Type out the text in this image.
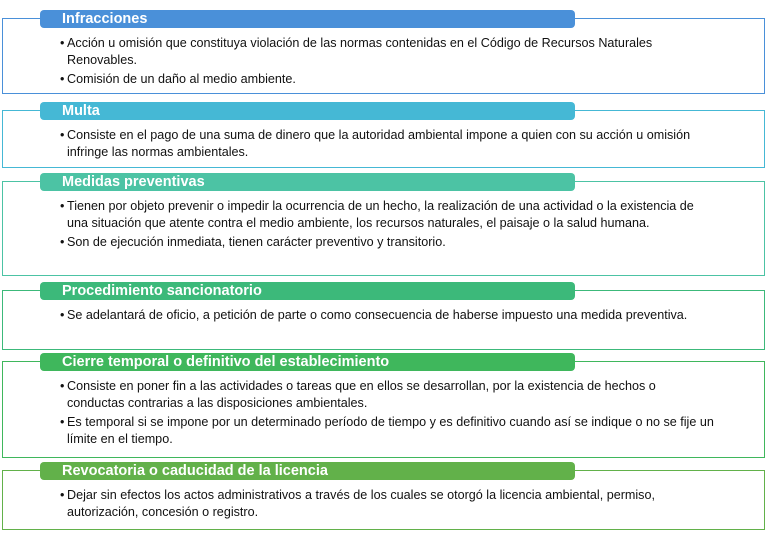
Infracciones
• Acción u omisión que constituya violación de las normas contenidas en el Código de Recursos Naturales Renovables.
• Comisión de un daño al medio ambiente.
Multa
• Consiste en el pago de una suma de dinero que la autoridad ambiental impone a quien con su acción u omisión infringe las normas ambientales.
Medidas preventivas
• Tienen por objeto prevenir o impedir la ocurrencia de un hecho, la realización de una actividad o la existencia de una situación que atente contra el medio ambiente, los recursos naturales, el paisaje o la salud humana.
• Son de ejecución inmediata, tienen carácter preventivo y transitorio.
Procedimiento sancionatorio
• Se adelantará de oficio, a petición de parte o como consecuencia de haberse impuesto una medida preventiva.
Cierre temporal o definitivo del establecimiento
• Consiste en poner fin a las actividades o tareas que en ellos se desarrollan, por la existencia de hechos o conductas contrarias a las disposiciones ambientales.
• Es temporal si se impone por un determinado período de tiempo y es definitivo cuando así se indique o no se fije un límite en el tiempo.
Revocatoria o caducidad de la licencia
• Dejar sin efectos los actos administrativos a través de los cuales se otorgó la licencia ambiental, permiso, autorización, concesión o registro.
